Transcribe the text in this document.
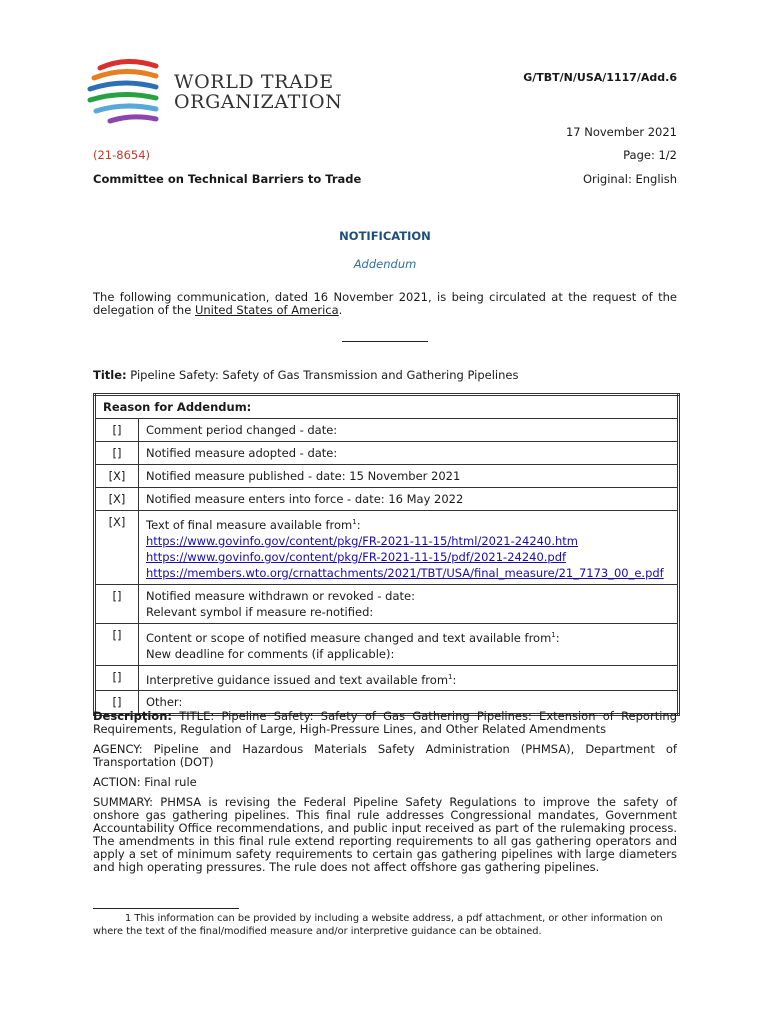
WORLD TRADE
ORGANIZATION
G/TBT/N/USA/1117/Add.6
17 November 2021
(21-8654)	Page: 1/2
Committee on Technical Barriers to Trade	Original: English
NOTIFICATION
Addendum
The following communication, dated 16 November 2021, is being circulated at the request of the delegation of the United States of America.
Title: Pipeline Safety: Safety of Gas Transmission and Gathering Pipelines
Reason for Addendum:	
[]	Comment period changed - date:
[]	Notified measure adopted - date:
[X]	Notified measure published - date: 15 November 2021
[X]	Notified measure enters into force - date: 16 May 2022
[X]	Text of final measure available from$^1$:
https://www.govinfo.gov/content/pkg/FR-2021-11-15/html/2021-24240.htm
https://www.govinfo.gov/content/pkg/FR-2021-11-15/pdf/2021-24240.pdf
https://members.wto.org/crnattachments/2021/TBT/USA/final_measure/21_7173_00_e.pdf

[]	Notified measure withdrawn or revoked - date:
Relevant symbol if measure re-notified:

[]	Content or scope of notified measure changed and text available from$^1$:
New deadline for comments (if applicable):

[]	Interpretive guidance issued and text available from$^1$:
[]	Other:
Description: TITLE: Pipeline Safety: Safety of Gas Gathering Pipelines: Extension of Reporting Requirements, Regulation of Large, High-Pressure Lines, and Other Related Amendments
AGENCY: Pipeline and Hazardous Materials Safety Administration (PHMSA), Department of Transportation (DOT)
ACTION: Final rule
SUMMARY: PHMSA is revising the Federal Pipeline Safety Regulations to improve the safety of onshore gas gathering pipelines. This final rule addresses Congressional mandates, Government Accountability Office recommendations, and public input received as part of the rulemaking process. The amendments in this final rule extend reporting requirements to all gas gathering operators and apply a set of minimum safety requirements to certain gas gathering pipelines with large diameters and high operating pressures. The rule does not affect offshore gas gathering pipelines.
1 This information can be provided by including a website address, a pdf attachment, or other information on where the text of the final/modified measure and/or interpretive guidance can be obtained.
